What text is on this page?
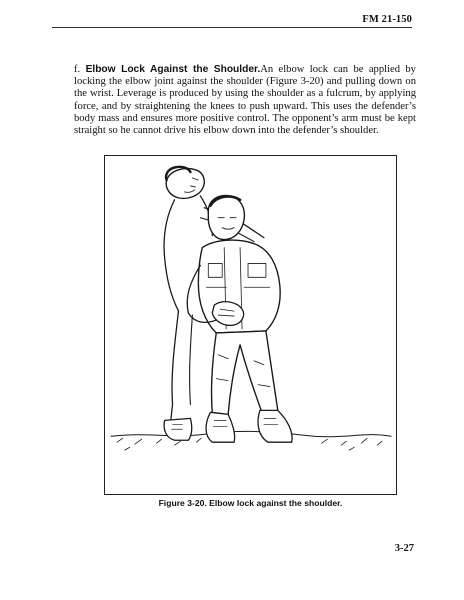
FM 21-150

f. Elbow Lock Against the Shoulder.An elbow lock can be applied by locking the elbow joint against the shoulder (Figure 3-20) and pulling down on the wrist. Leverage is produced by using the shoulder as a fulcrum, by applying force, and by straightening the knees to push upward. This uses the defender’s body mass and ensures more positive control. The opponent’s arm must be kept straight so he cannot drive his elbow down into the defender’s shoulder.

Figure 3-20. Elbow lock against the shoulder.
3-27
